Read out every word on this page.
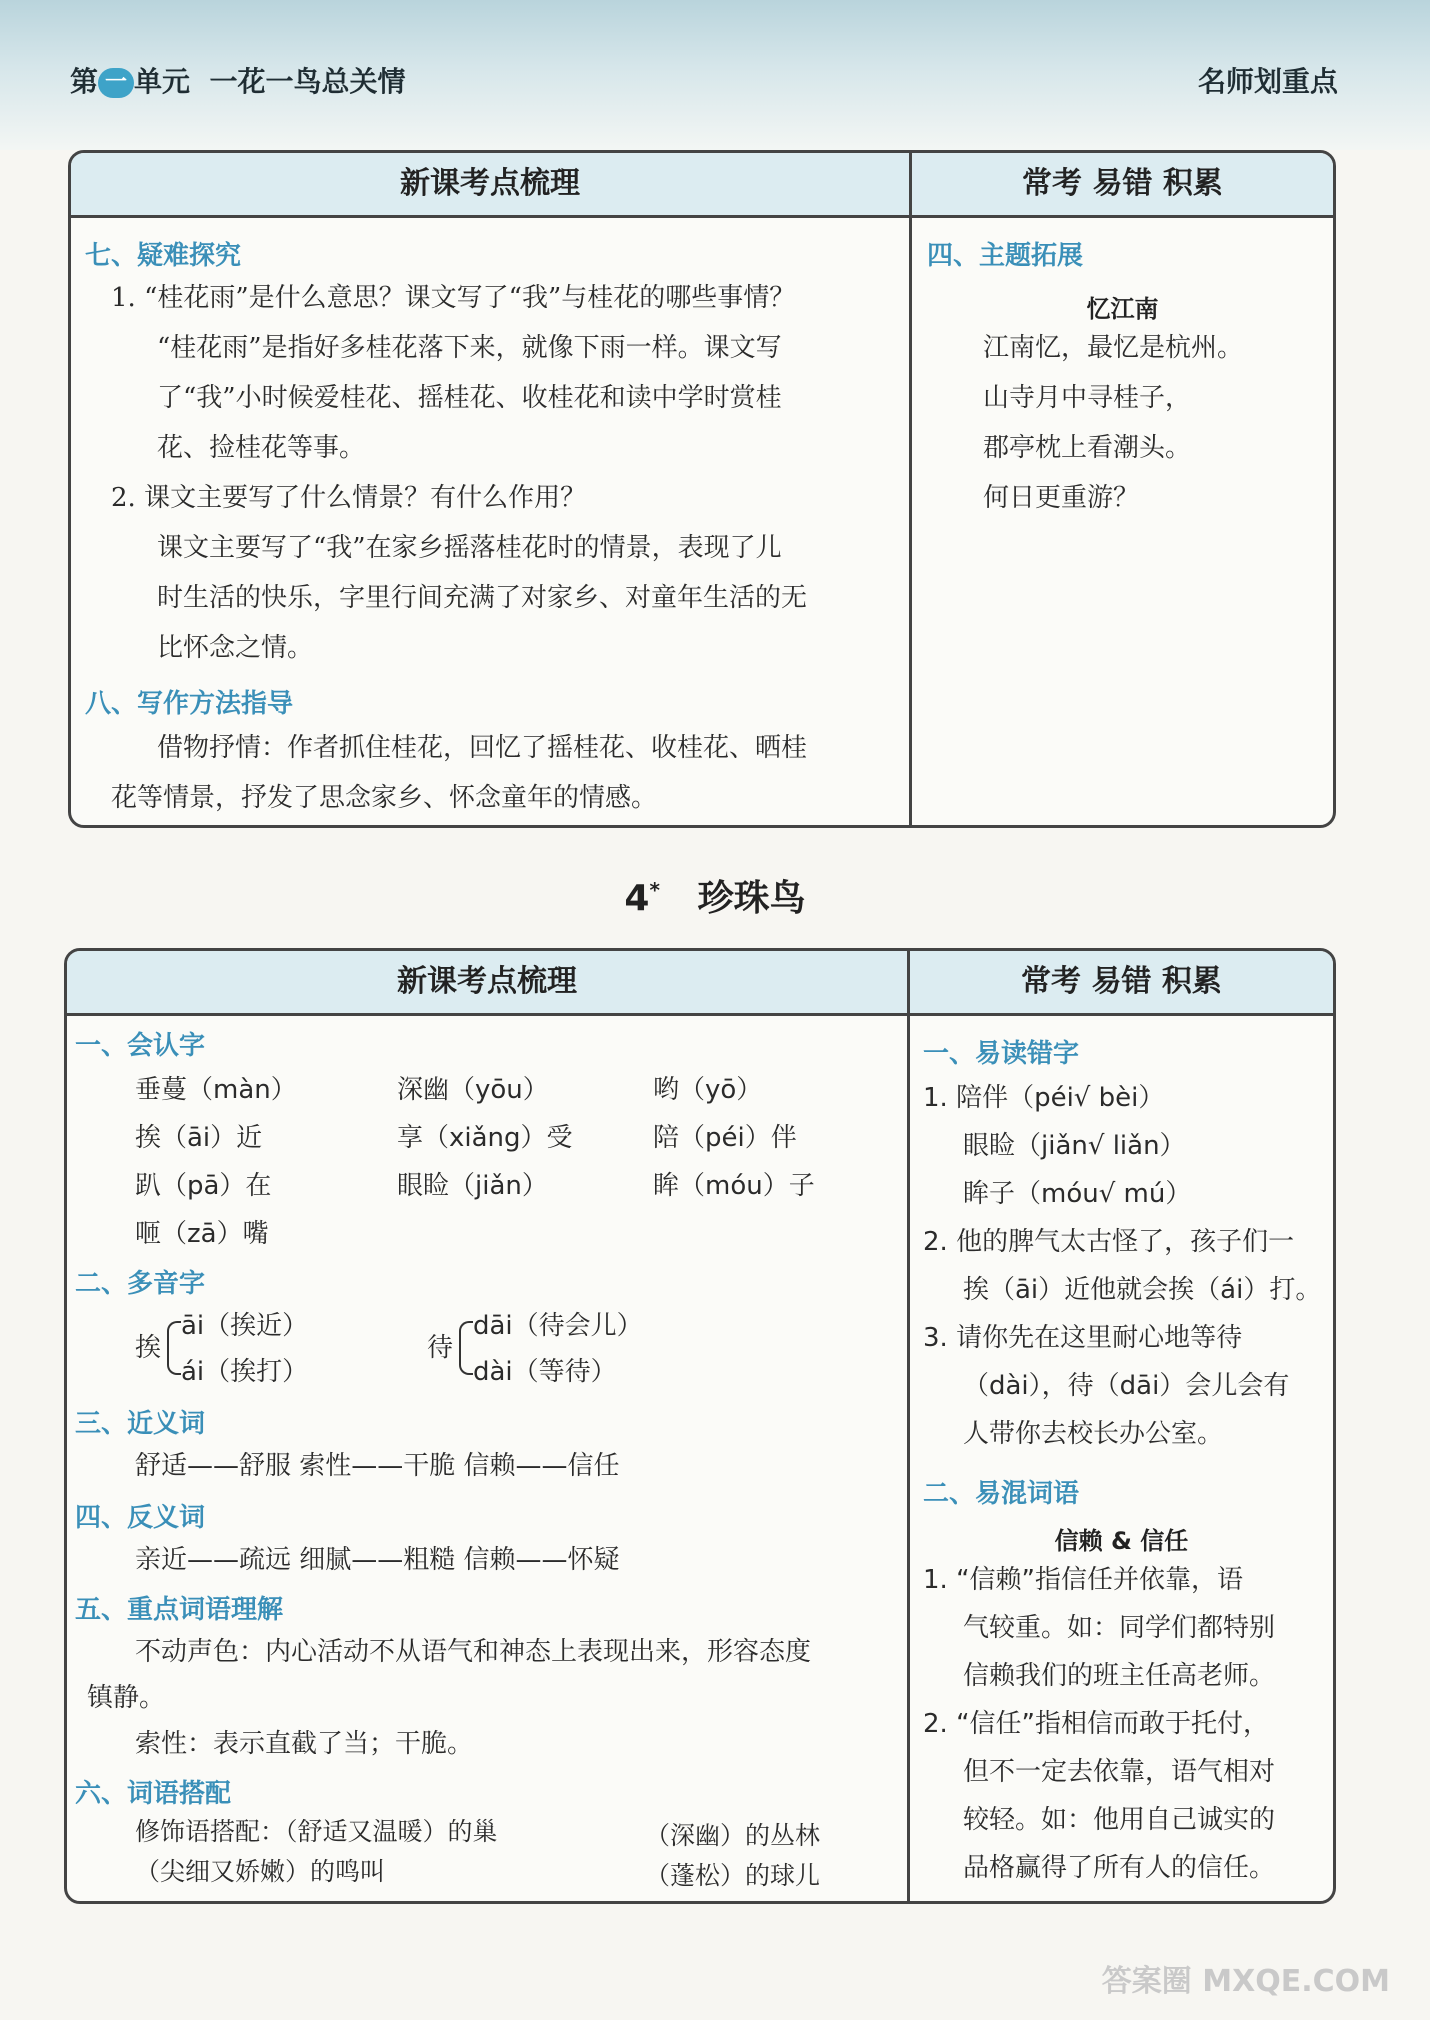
第 一 单元 一花一鸟总关情	名师划重点
新课考点梳理	常考 易错 积累
七、疑难探究
1. “桂花雨”是什么意思？课文写了“我”与桂花的哪些事情？
“桂花雨”是指好多桂花落下来，就像下雨一样。课文写
了“我”小时候爱桂花、摇桂花、收桂花和读中学时赏桂
花、捡桂花等事。
2. 课文主要写了什么情景？有什么作用？
课文主要写了“我”在家乡摇落桂花时的情景，表现了儿
时生活的快乐，字里行间充满了对家乡、对童年生活的无
比怀念之情。
八、写作方法指导
借物抒情：作者抓住桂花，回忆了摇桂花、收桂花、晒桂
花等情景，抒发了思念家乡、怀念童年的情感。
四、主题拓展
忆江南
江南忆，最忆是杭州。
山寺月中寻桂子，
郡亭枕上看潮头。
何日更重游？
4* 珍珠鸟
新课考点梳理	常考 易错 积累
一、会认字
垂蔓（màn）	深幽（yōu）	哟（yō）
挨（āi）近	享（xiǎng）受	陪（péi）伴
趴（pā）在	眼睑（jiǎn）	眸（móu）子
咂（zā）嘴
二、多音字
挨
āi（挨近）
ái（挨打）
待
dāi（待会儿）
dài（等待）
三、近义词
舒适——舒服 索性——干脆 信赖——信任
四、反义词
亲近——疏远 细腻——粗糙 信赖——怀疑
五、重点词语理解
不动声色：内心活动不从语气和神态上表现出来，形容态度
镇静。
索性：表示直截了当；干脆。
六、词语搭配
修饰语搭配：（舒适又温暖）的巢	（深幽）的丛林
（尖细又娇嫩）的鸣叫	（蓬松）的球儿
一、易读错字
1. 陪伴（péi√ bèi）
眼睑（jiǎn√ liǎn）
眸子（móu√ mú）
2. 他的脾气太古怪了，孩子们一
挨（āi）近他就会挨（ái）打。
3. 请你先在这里耐心地等待
（dài），待（dāi）会儿会有
人带你去校长办公室。
二、易混词语
信赖 & 信任
1. “信赖”指信任并依靠，语
气较重。如：同学们都特别
信赖我们的班主任高老师。
2. “信任”指相信而敢于托付，
但不一定去依靠，语气相对
较轻。如：他用自己诚实的
品格赢得了所有人的信任。
答案圈 MXQE.COM
